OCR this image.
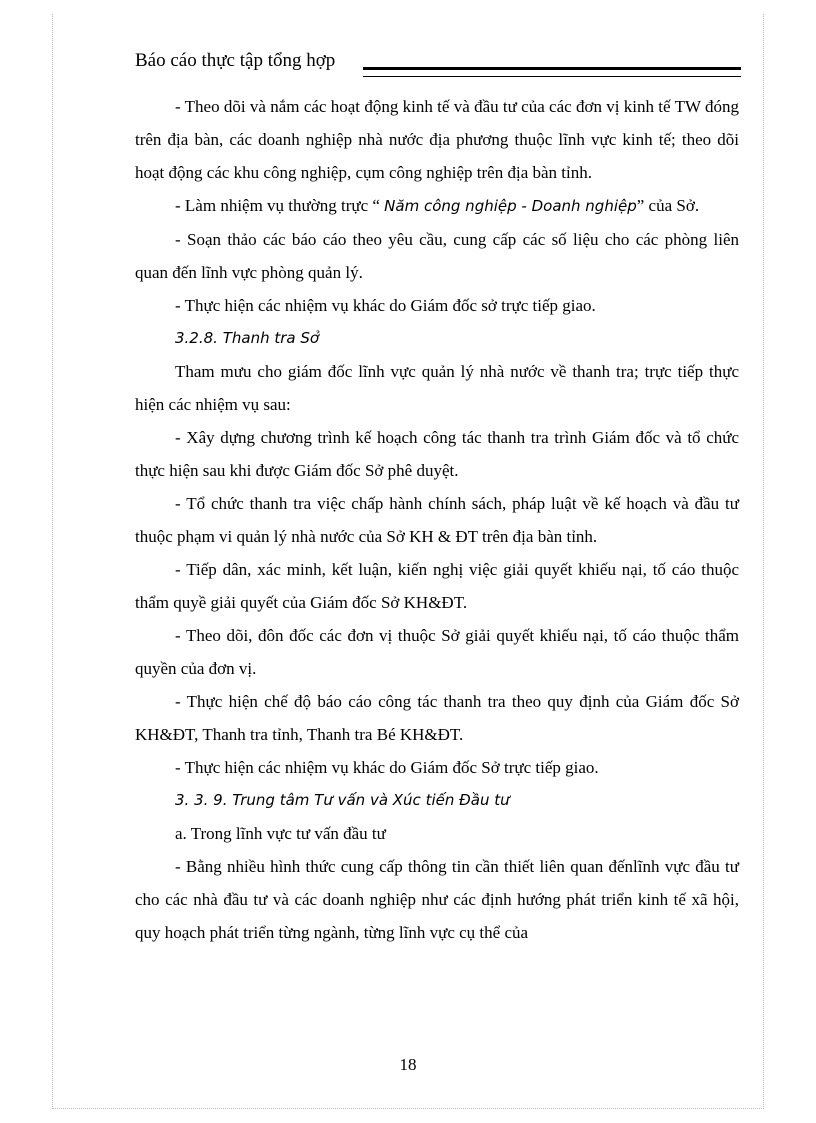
Báo cáo thực tập tổng hợp

- Theo dõi và nắm các hoạt động kinh tế và đầu tư của các đơn vị kinh tế TW đóng trên địa bàn, các doanh nghiệp nhà nước địa phương thuộc lĩnh vực kinh tế; theo dõi hoạt động các khu công nghiệp, cụm công nghiệp trên địa bàn tỉnh.

- Làm nhiệm vụ thường trực “ Năm công nghiệp - Doanh nghiệp” của Sở.

- Soạn thảo các báo cáo theo yêu cầu, cung cấp các số liệu cho các phòng liên quan đến lĩnh vực phòng quản lý.

- Thực hiện các nhiệm vụ khác do Giám đốc sở trực tiếp giao.

3.2.8. Thanh tra Sở

Tham mưu cho giám đốc lĩnh vực quản lý nhà nước về thanh tra; trực tiếp thực hiện các nhiệm vụ sau:

- Xây dựng chương trình kế hoạch công tác thanh tra trình Giám đốc và tổ chức thực hiện sau khi được Giám đốc Sở phê duyệt.

- Tổ chức thanh tra việc chấp hành chính sách, pháp luật về kế hoạch và đầu tư thuộc phạm vi quản lý nhà nước của Sở KH & ĐT trên địa bàn tỉnh.

- Tiếp dân, xác minh, kết luận, kiến nghị việc giải quyết khiếu nại, tố cáo thuộc thẩm quyề giải quyết của Giám đốc Sở KH&ĐT.

- Theo dõi, đôn đốc các đơn vị thuộc Sở giải quyết khiếu nại, tố cáo thuộc thẩm quyền của đơn vị.

- Thực hiện chế độ báo cáo công tác thanh tra theo quy định của Giám đốc Sở KH&ĐT, Thanh tra tỉnh, Thanh tra Bé KH&ĐT.

- Thực hiện các nhiệm vụ khác do Giám đốc Sở trực tiếp giao.

3. 3. 9. Trung tâm Tư vấn và Xúc tiến Đầu tư

a. Trong lĩnh vực tư vấn đầu tư

- Bằng nhiều hình thức cung cấp thông tin cần thiết liên quan đếnlĩnh vực đầu tư cho các nhà đầu tư và các doanh nghiệp như các định hướng phát triển kinh tế xã hội, quy hoạch phát triển từng ngành, từng lĩnh vực cụ thể của

18
